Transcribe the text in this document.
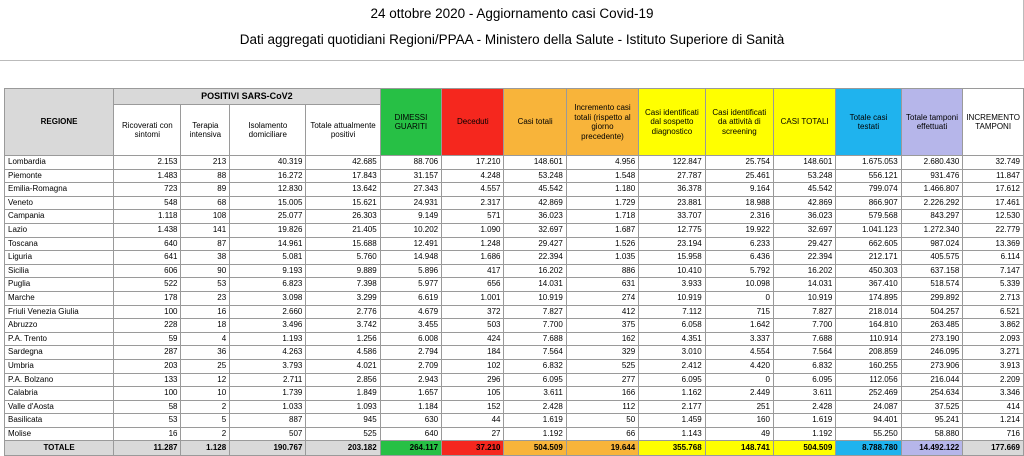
24 ottobre 2020 - Aggiornamento casi Covid-19
Dati aggregati quotidiani Regioni/PPAA - Ministero della Salute - Istituto Superiore di Sanità
REGIONE	POSITIVI SARS-CoV2				DIMESSI GUARITI	Deceduti	Casi totali	Incremento casi totali (rispetto al giorno precedente)	Casi identificati dal sospetto diagnostico	Casi identificati da attività di screening	CASI TOTALI	Totale casi testati	Totale tamponi effettuati	INCREMENTO TAMPONI
	Ricoverati con sintomi	Terapia intensiva	Isolamento domiciliare	Totale attualmente positivi										
Lombardia	2.153	213	40.319	42.685	88.706	17.210	148.601	4.956	122.847	25.754	148.601	1.675.053	2.680.430	32.749
Piemonte	1.483	88	16.272	17.843	31.157	4.248	53.248	1.548	27.787	25.461	53.248	556.121	931.476	11.847
Emilia-Romagna	723	89	12.830	13.642	27.343	4.557	45.542	1.180	36.378	9.164	45.542	799.074	1.466.807	17.612
Veneto	548	68	15.005	15.621	24.931	2.317	42.869	1.729	23.881	18.988	42.869	866.907	2.226.292	17.461
Campania	1.118	108	25.077	26.303	9.149	571	36.023	1.718	33.707	2.316	36.023	579.568	843.297	12.530
Lazio	1.438	141	19.826	21.405	10.202	1.090	32.697	1.687	12.775	19.922	32.697	1.041.123	1.272.340	22.779
Toscana	640	87	14.961	15.688	12.491	1.248	29.427	1.526	23.194	6.233	29.427	662.605	987.024	13.369
Liguria	641	38	5.081	5.760	14.948	1.686	22.394	1.035	15.958	6.436	22.394	212.171	405.575	6.114
Sicilia	606	90	9.193	9.889	5.896	417	16.202	886	10.410	5.792	16.202	450.303	637.158	7.147
Puglia	522	53	6.823	7.398	5.977	656	14.031	631	3.933	10.098	14.031	367.410	518.574	5.339
Marche	178	23	3.098	3.299	6.619	1.001	10.919	274	10.919	0	10.919	174.895	299.892	2.713
Friuli Venezia Giulia	100	16	2.660	2.776	4.679	372	7.827	412	7.112	715	7.827	218.014	504.257	6.521
Abruzzo	228	18	3.496	3.742	3.455	503	7.700	375	6.058	1.642	7.700	164.810	263.485	3.862
P.A. Trento	59	4	1.193	1.256	6.008	424	7.688	162	4.351	3.337	7.688	110.914	273.190	2.093
Sardegna	287	36	4.263	4.586	2.794	184	7.564	329	3.010	4.554	7.564	208.859	246.095	3.271
Umbria	203	25	3.793	4.021	2.709	102	6.832	525	2.412	4.420	6.832	160.255	273.906	3.913
P.A. Bolzano	133	12	2.711	2.856	2.943	296	6.095	277	6.095	0	6.095	112.056	216.044	2.209
Calabria	100	10	1.739	1.849	1.657	105	3.611	166	1.162	2.449	3.611	252.469	254.634	3.346
Valle d'Aosta	58	2	1.033	1.093	1.184	152	2.428	112	2.177	251	2.428	24.087	37.525	414
Basilicata	53	5	887	945	630	44	1.619	50	1.459	160	1.619	94.401	95.241	1.214
Molise	16	2	507	525	640	27	1.192	66	1.143	49	1.192	55.250	58.880	716
TOTALE	11.287	1.128	190.767	203.182	264.117	37.210	504.509	19.644	355.768	148.741	504.509	8.788.780	14.492.122	177.669
